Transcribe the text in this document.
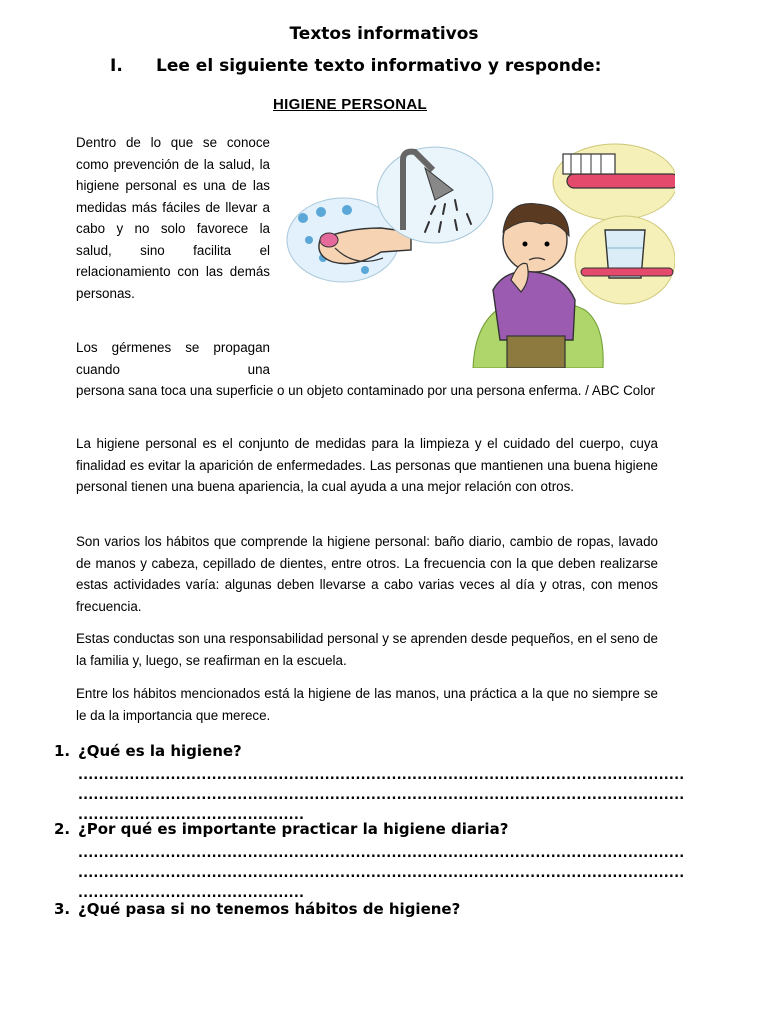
Textos informativos
I. Lee el siguiente texto informativo y responde:
HIGIENE PERSONAL
Dentro de lo que se conoce como prevención de la salud, la higiene personal es una de las medidas más fáciles de llevar a cabo y no solo favorece la salud, sino facilita el relacionamiento con las demás personas.
Los gérmenes se propagan cuando una
persona sana toca una superficie o un objeto contaminado por una persona enferma. / ABC Color
La higiene personal es el conjunto de medidas para la limpieza y el cuidado del cuerpo, cuya finalidad es evitar la aparición de enfermedades. Las personas que mantienen una buena higiene personal tienen una buena apariencia, la cual ayuda a una mejor relación con otros.
Son varios los hábitos que comprende la higiene personal: baño diario, cambio de ropas, lavado de manos y cabeza, cepillado de dientes, entre otros. La frecuencia con la que deben realizarse estas actividades varía: algunas deben llevarse a cabo varias veces al día y otras, con menos frecuencia.
Estas conductas son una responsabilidad personal y se aprenden desde pequeños, en el seno de la familia y, luego, se reafirman en la escuela.
Entre los hábitos mencionados está la higiene de las manos, una práctica a la que no siempre se le da la importancia que merece.
1. ¿Qué es la higiene?
......................................................................................................................
......................................................................................................................
............................................
2. ¿Por qué es importante practicar la higiene diaria?
......................................................................................................................
......................................................................................................................
............................................
3. ¿Qué pasa si no tenemos hábitos de higiene?
